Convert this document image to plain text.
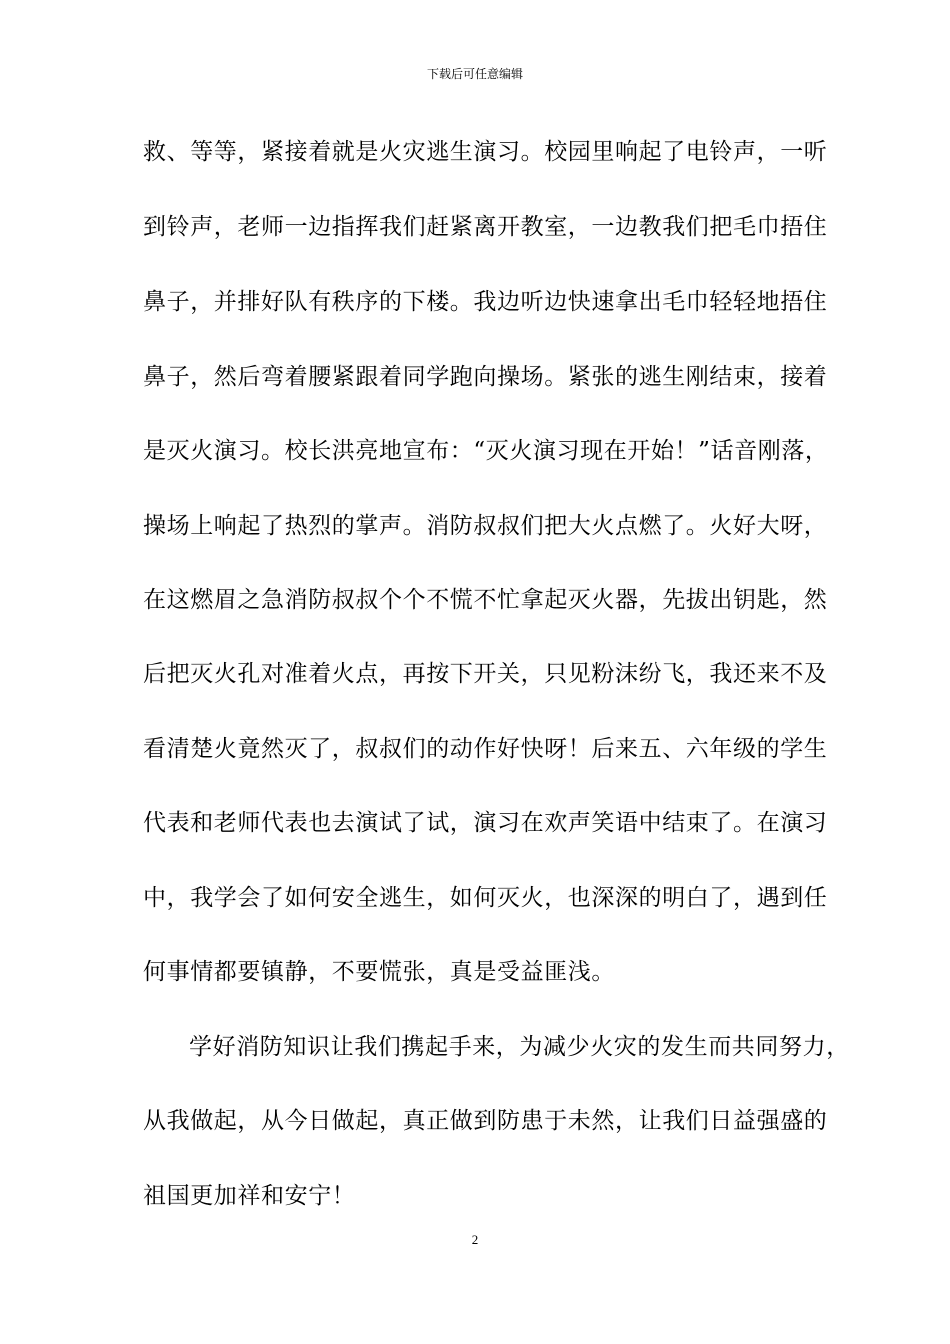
下载后可任意编辑
救、等等，紧接着就是火灾逃生演习。校园里响起了电铃声，一听
到铃声，老师一边指挥我们赶紧离开教室，一边教我们把毛巾捂住
鼻子，并排好队有秩序的下楼。我边听边快速拿出毛巾轻轻地捂住
鼻子，然后弯着腰紧跟着同学跑向操场。紧张的逃生刚结束，接着
是灭火演习。校长洪亮地宣布：“灭火演习现在开始！”话音刚落，
操场上响起了热烈的掌声。消防叔叔们把大火点燃了。火好大呀，
在这燃眉之急消防叔叔个个不慌不忙拿起灭火器，先拔出钥匙，然
后把灭火孔对准着火点，再按下开关，只见粉沫纷飞，我还来不及
看清楚火竟然灭了，叔叔们的动作好快呀！后来五、六年级的学生
代表和老师代表也去演试了试，演习在欢声笑语中结束了。在演习
中，我学会了如何安全逃生，如何灭火，也深深的明白了，遇到任
何事情都要镇静，不要慌张，真是受益匪浅。
学好消防知识让我们携起手来，为减少火灾的发生而共同努力，
从我做起，从今日做起，真正做到防患于未然，让我们日益强盛的
祖国更加祥和安宁！
2
